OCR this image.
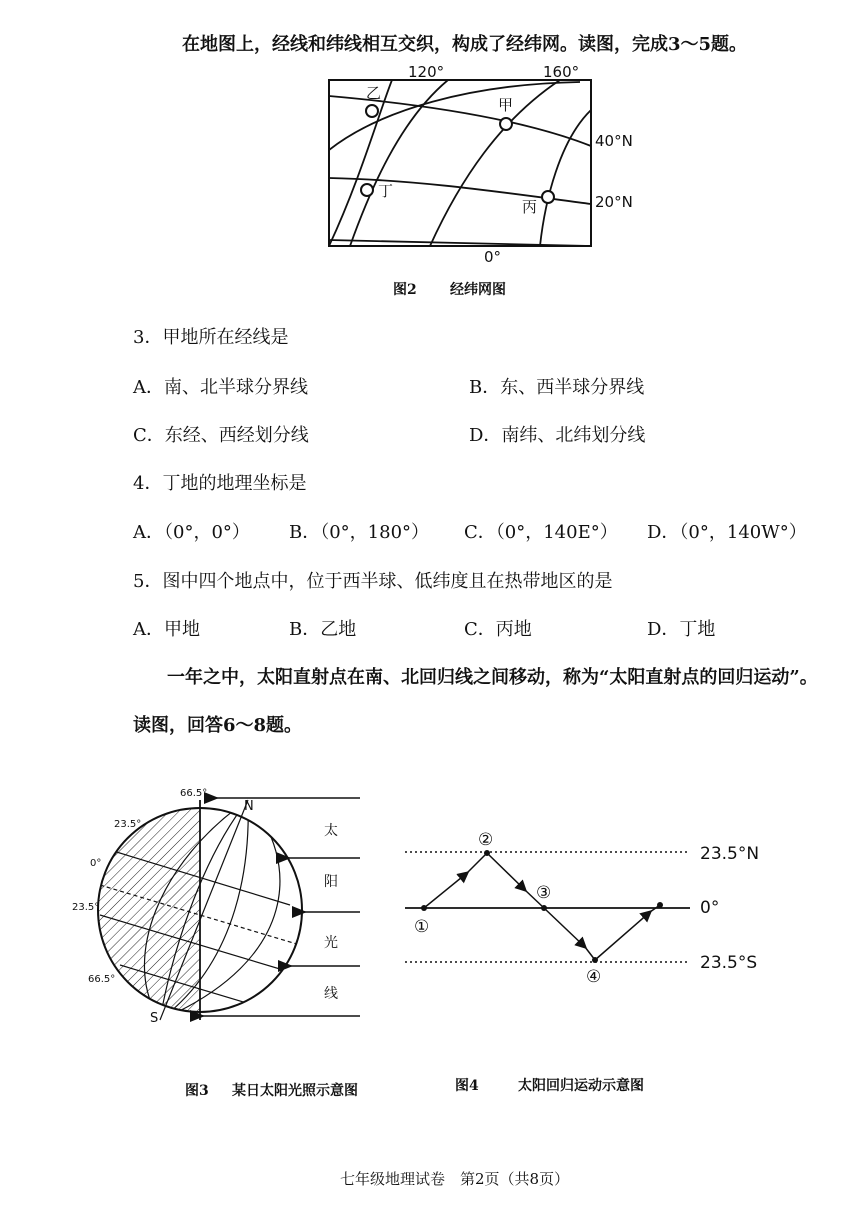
在地图上，经线和纬线相互交织，构成了经纬网。读图，完成3～5题。
乙
甲
丁
丙
120°	160°
0°
40°N
20°N
图2 经纬网图
3．甲地所在经线是
A．南、北半球分界线	B．东、西半球分界线
C．东经、西经划分线	D．南纬、北纬划分线
4．丁地的地理坐标是
A．（0°，0°） B．（0°，180°） C．（0°，140E°） D．（0°，140W°）
5．图中四个地点中，位于西半球、低纬度且在热带地区的是
A．甲地	B．乙地	C．丙地	D．丁地
一年之中，太阳直射点在南、北回归线之间移动，称为“太阳直射点的回归运动”。
读图，回答6～8题。
太
阳
光
线
N
S
66.5°
23.5°
0°
23.5°
66.5°
图3 某日太阳光照示意图
①
②
③
④
23.5°N
0°
23.5°S
图4	太阳回归运动示意图
七年级地理试卷　第2页（共8页）
